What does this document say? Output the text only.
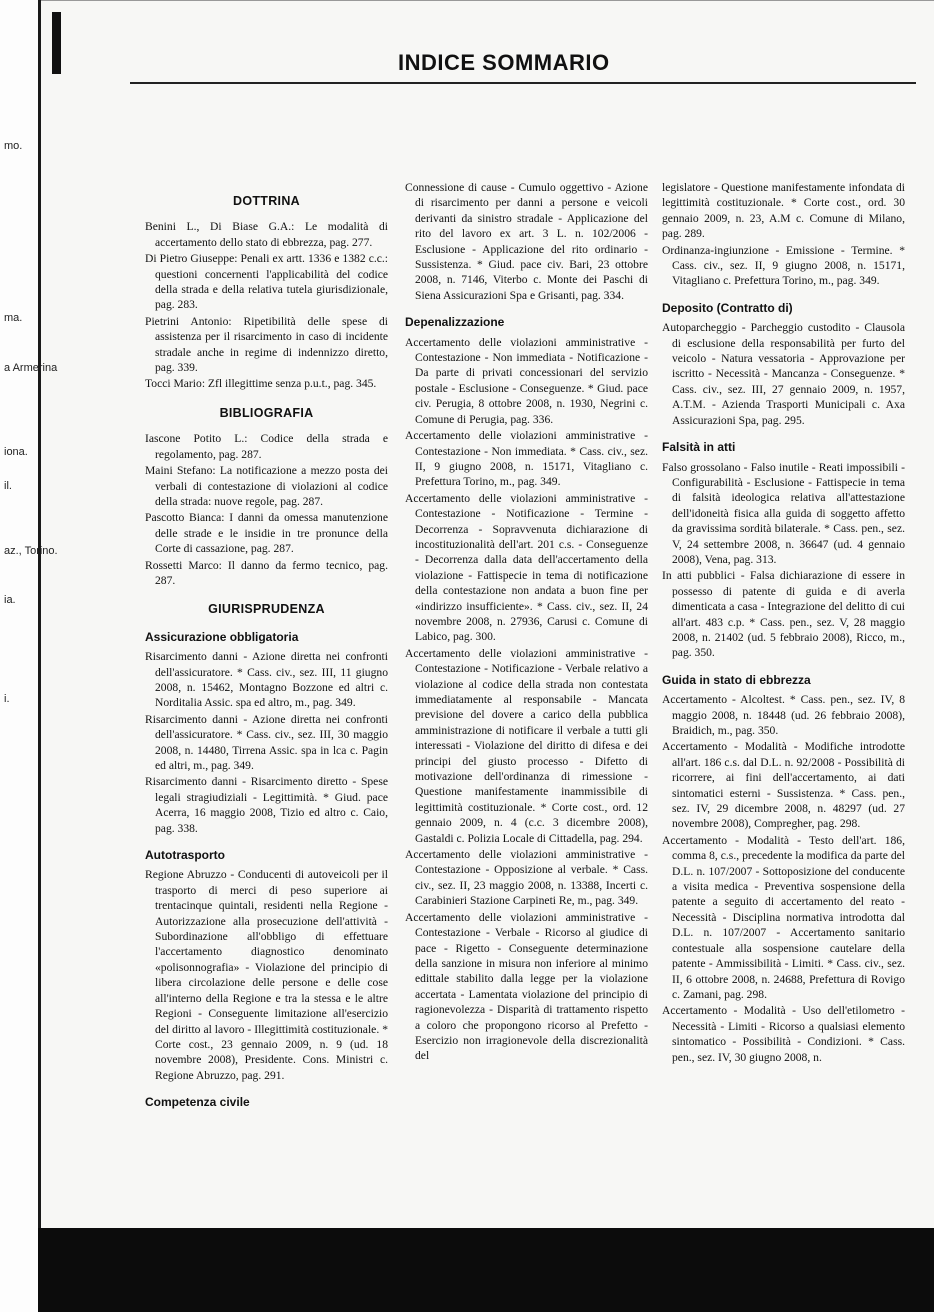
mo.
ma.
a Armerina
iona.
il.
az., Torino.
ia.
i.
INDICE SOMMARIO
DOTTRINA

Benini L., Di Biase G.A.: Le modalità di accertamento dello stato di ebbrezza, pag. 277.

Di Pietro Giuseppe: Penali ex artt. 1336 e 1382 c.c.: questioni concernenti l'applicabilità del codice della strada e della relativa tutela giurisdizionale, pag. 283.

Pietrini Antonio: Ripetibilità delle spese di assistenza per il risarcimento in caso di incidente stradale anche in regime di indennizzo diretto, pag. 339.

Tocci Mario: Zfl illegittime senza p.u.t., pag. 345.

BIBLIOGRAFIA

Iascone Potito L.: Codice della strada e regolamento, pag. 287.

Maini Stefano: La notificazione a mezzo posta dei verbali di contestazione di violazioni al codice della strada: nuove regole, pag. 287.

Pascotto Bianca: I danni da omessa manutenzione delle strade e le insidie in tre pronunce della Corte di cassazione, pag. 287.

Rossetti Marco: Il danno da fermo tecnico, pag. 287.

GIURISPRUDENZA
Assicurazione obbligatoria

Risarcimento danni - Azione diretta nei confronti dell'assicuratore. * Cass. civ., sez. III, 11 giugno 2008, n. 15462, Montagno Bozzone ed altri c. Norditalia Assic. spa ed altro, m., pag. 349.

Risarcimento danni - Azione diretta nei confronti dell'assicuratore. * Cass. civ., sez. III, 30 maggio 2008, n. 14480, Tirrena Assic. spa in lca c. Pagin ed altri, m., pag. 349.

Risarcimento danni - Risarcimento diretto - Spese legali stragiudiziali - Legittimità. * Giud. pace Acerra, 16 maggio 2008, Tizio ed altro c. Caio, pag. 338.

Autotrasporto

Regione Abruzzo - Conducenti di autoveicoli per il trasporto di merci di peso superiore ai trentacinque quintali, residenti nella Regione - Autorizzazione alla prosecuzione dell'attività - Subordinazione all'obbligo di effettuare l'accertamento diagnostico denominato «polisonnografia» - Violazione del principio di libera circolazione delle persone e delle cose all'interno della Regione e tra la stessa e le altre Regioni - Conseguente limitazione all'esercizio del diritto al lavoro - Illegittimità costituzionale. * Corte cost., 23 gennaio 2009, n. 9 (ud. 18 novembre 2008), Presidente. Cons. Ministri c. Regione Abruzzo, pag. 291.

Competenza civile

Connessione di cause - Cumulo oggettivo - Azione di risarcimento per danni a persone e veicoli derivanti da sinistro stradale - Applicazione del rito del lavoro ex art. 3 L. n. 102/2006 - Esclusione - Applicazione del rito ordinario - Sussistenza. * Giud. pace civ. Bari, 23 ottobre 2008, n. 7146, Viterbo c. Monte dei Paschi di Siena Assicurazioni Spa e Grisanti, pag. 334.

Depenalizzazione

Accertamento delle violazioni amministrative - Contestazione - Non immediata - Notificazione - Da parte di privati concessionari del servizio postale - Esclusione - Conseguenze. * Giud. pace civ. Perugia, 8 ottobre 2008, n. 1930, Negrini c. Comune di Perugia, pag. 336.

Accertamento delle violazioni amministrative - Contestazione - Non immediata. * Cass. civ., sez. II, 9 giugno 2008, n. 15171, Vitagliano c. Prefettura Torino, m., pag. 349.

Accertamento delle violazioni amministrative - Contestazione - Notificazione - Termine - Decorrenza - Sopravvenuta dichiarazione di incostituzionalità dell'art. 201 c.s. - Conseguenze - Decorrenza dalla data dell'accertamento della violazione - Fattispecie in tema di notificazione della contestazione non andata a buon fine per «indirizzo insufficiente». * Cass. civ., sez. II, 24 novembre 2008, n. 27936, Carusi c. Comune di Labico, pag. 300.

Accertamento delle violazioni amministrative - Contestazione - Notificazione - Verbale relativo a violazione al codice della strada non contestata immediatamente al responsabile - Mancata previsione del dovere a carico della pubblica amministrazione di notificare il verbale a tutti gli interessati - Violazione del diritto di difesa e dei principi del giusto processo - Difetto di motivazione dell'ordinanza di rimessione - Questione manifestamente inammissibile di legittimità costituzionale. * Corte cost., ord. 12 gennaio 2009, n. 4 (c.c. 3 dicembre 2008), Gastaldi c. Polizia Locale di Cittadella, pag. 294.

Accertamento delle violazioni amministrative - Contestazione - Opposizione al verbale. * Cass. civ., sez. II, 23 maggio 2008, n. 13388, Incerti c. Carabinieri Stazione Carpineti Re, m., pag. 349.

Accertamento delle violazioni amministrative - Contestazione - Verbale - Ricorso al giudice di pace - Rigetto - Conseguente determinazione della sanzione in misura non inferiore al minimo edittale stabilito dalla legge per la violazione accertata - Lamentata violazione del principio di ragionevolezza - Disparità di trattamento rispetto a coloro che propongono ricorso al Prefetto - Esercizio non irragionevole della discrezionalità del

legislatore - Questione manifestamente infondata di legittimità costituzionale. * Corte cost., ord. 30 gennaio 2009, n. 23, A.M c. Comune di Milano, pag. 289.

Ordinanza-ingiunzione - Emissione - Termine. * Cass. civ., sez. II, 9 giugno 2008, n. 15171, Vitagliano c. Prefettura Torino, m., pag. 349.

Deposito (Contratto di)

Autoparcheggio - Parcheggio custodito - Clausola di esclusione della responsabilità per furto del veicolo - Natura vessatoria - Approvazione per iscritto - Necessità - Mancanza - Conseguenze. * Cass. civ., sez. III, 27 gennaio 2009, n. 1957, A.T.M. - Azienda Trasporti Municipali c. Axa Assicurazioni Spa, pag. 295.

Falsità in atti

Falso grossolano - Falso inutile - Reati impossibili - Configurabilità - Esclusione - Fattispecie in tema di falsità ideologica relativa all'attestazione dell'idoneità fisica alla guida di soggetto affetto da gravissima sordità bilaterale. * Cass. pen., sez. V, 24 settembre 2008, n. 36647 (ud. 4 gennaio 2008), Vena, pag. 313.

In atti pubblici - Falsa dichiarazione di essere in possesso di patente di guida e di averla dimenticata a casa - Integrazione del delitto di cui all'art. 483 c.p. * Cass. pen., sez. V, 28 maggio 2008, n. 21402 (ud. 5 febbraio 2008), Ricco, m., pag. 350.

Guida in stato di ebbrezza

Accertamento - Alcoltest. * Cass. pen., sez. IV, 8 maggio 2008, n. 18448 (ud. 26 febbraio 2008), Braidich, m., pag. 350.

Accertamento - Modalità - Modifiche introdotte all'art. 186 c.s. dal D.L. n. 92/2008 - Possibilità di ricorrere, ai fini dell'accertamento, ai dati sintomatici esterni - Sussistenza. * Cass. pen., sez. IV, 29 dicembre 2008, n. 48297 (ud. 27 novembre 2008), Compregher, pag. 298.

Accertamento - Modalità - Testo dell'art. 186, comma 8, c.s., precedente la modifica da parte del D.L. n. 107/2007 - Sottoposizione del conducente a visita medica - Preventiva sospensione della patente a seguito di accertamento del reato - Necessità - Disciplina normativa introdotta dal D.L. n. 107/2007 - Accertamento sanitario contestuale alla sospensione cautelare della patente - Ammissibilità - Limiti. * Cass. civ., sez. II, 6 ottobre 2008, n. 24688, Prefettura di Rovigo c. Zamani, pag. 298.

Accertamento - Modalità - Uso dell'etilometro - Necessità - Limiti - Ricorso a qualsiasi elemento sintomatico - Possibilità - Condizioni. * Cass. pen., sez. IV, 30 giugno 2008, n.
